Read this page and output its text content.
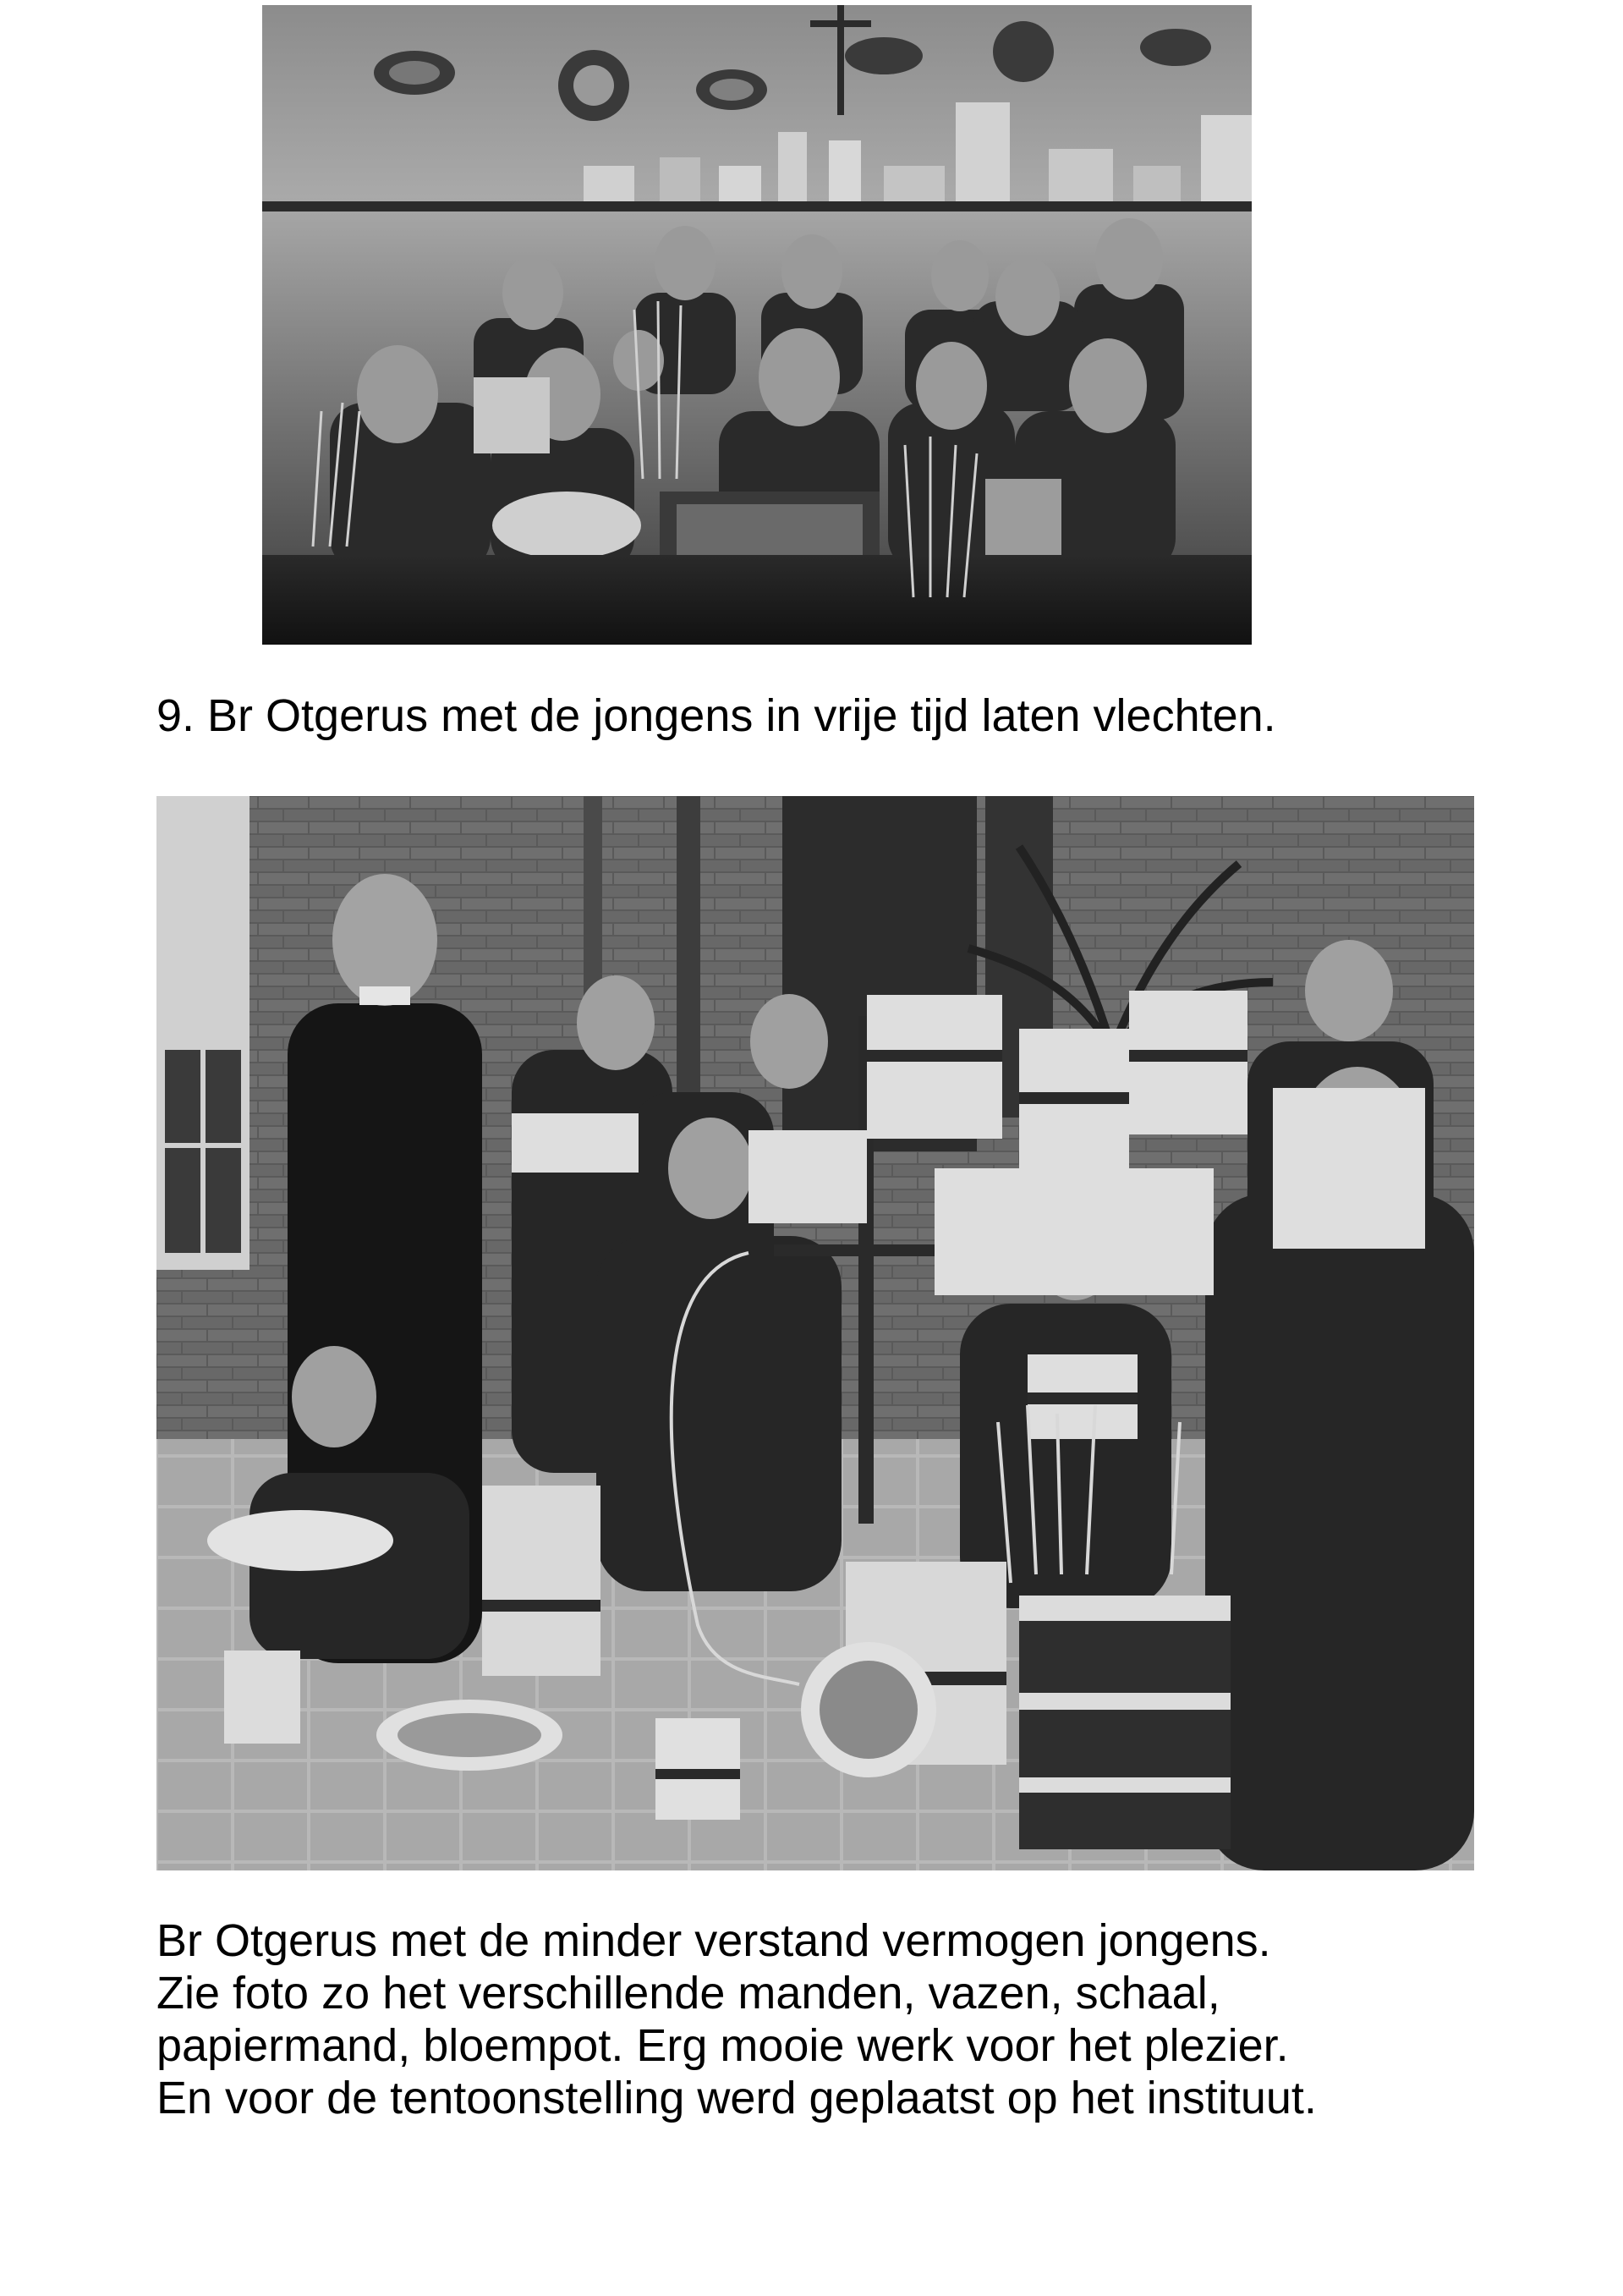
9. Br Otgerus met de jongens in vrije tijd laten vlechten.
Br Otgerus met de minder verstand vermogen jongens.
Zie foto zo het verschillende manden, vazen, schaal,
papiermand, bloempot. Erg mooie werk voor het plezier.
En voor de tentoonstelling werd geplaatst op het instituut.
